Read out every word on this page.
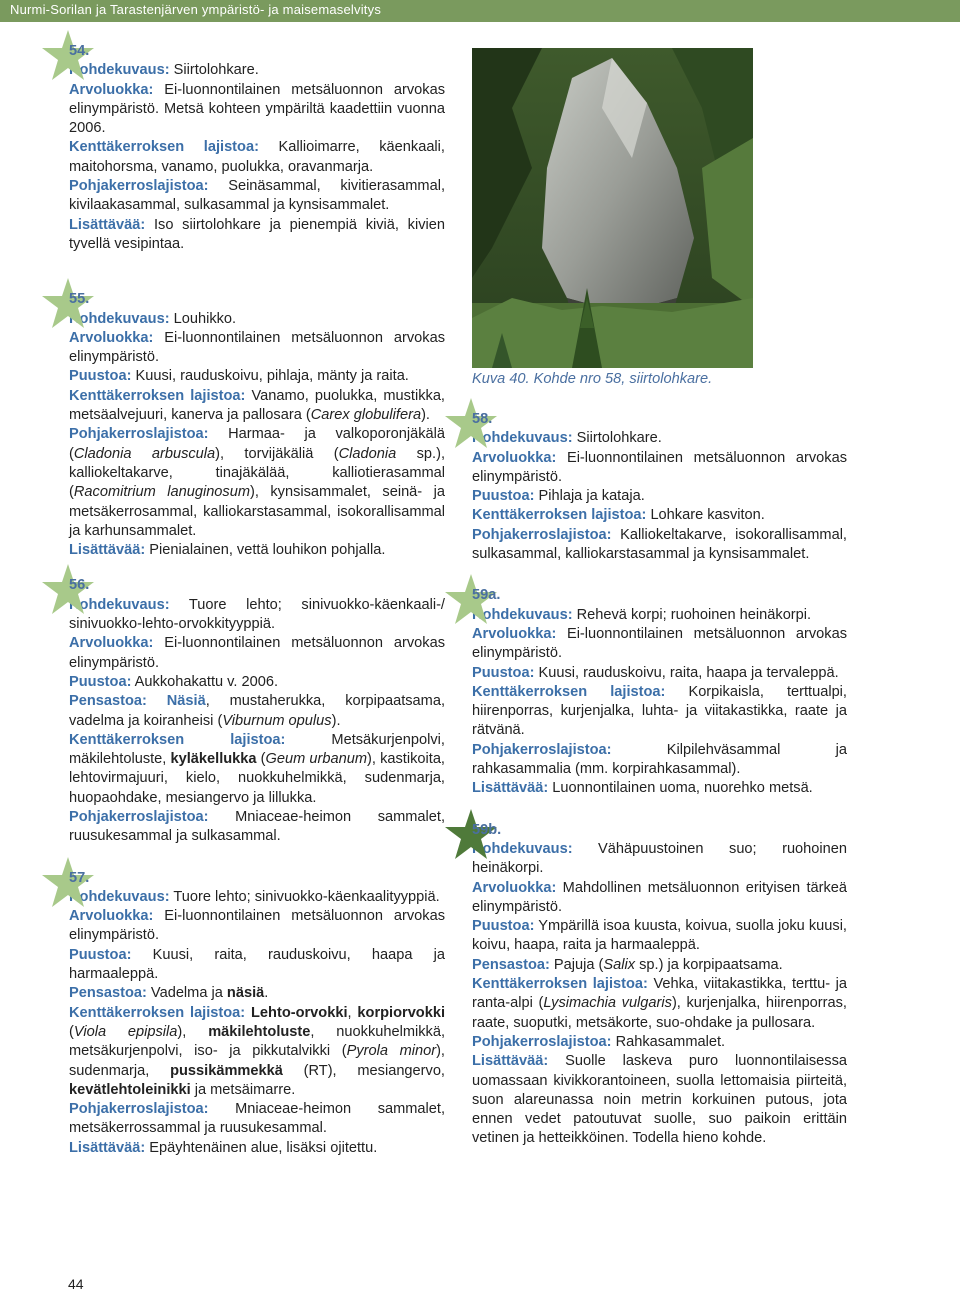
Nurmi-Sorilan ja Tarastenjärven ympäristö- ja maisemaselvitys
Kuva 40. Kohde nro 58, siirtolohkare.

54.

Kohdekuvaus: Siirtolohkare.

Arvoluokka: Ei-luonnontilainen metsäluonnon arvokas elinympäristö. Metsä kohteen ympäriltä kaadettiin vuonna 2006.

Kenttäkerroksen lajistoa: Kallioimarre, käenkaali, maitohorsma, vanamo, puolukka, oravanmarja.

Pohjakerroslajistoa: Seinäsammal, kivitierasammal, kivilaakasammal, sulkasammal ja kynsisammalet.

Lisättävää: Iso siirtolohkare ja pienempiä kiviä, kivien tyvellä vesipintaa.

55.

Kohdekuvaus: Louhikko.

Arvoluokka: Ei-luonnontilainen metsäluonnon arvokas elinympäristö.

Puustoa: Kuusi, rauduskoivu, pihlaja, mänty ja raita.

Kenttäkerroksen lajistoa: Vanamo, puolukka, mustikka, metsäalvejuuri, kanerva ja pallosara (Carex globulifera).

Pohjakerroslajistoa: Harmaa- ja valkoporonjäkälä (Cladonia arbuscula), torvijäkäliä (Cladonia sp.), kalliokeltakarve, tinajäkälää, kalliotierasammal (Racomitrium lanuginosum), kynsisammalet, seinä- ja metsäkerrosammal, kalliokarstasammal, isokorallisammal ja karhunsammalet.

Lisättävää: Pienialainen, vettä louhikon pohjalla.

56.

Kohdekuvaus: Tuore lehto; sinivuokko-käenkaali-/ sinivuokko-lehto-orvokkityyppiä.

Arvoluokka: Ei-luonnontilainen metsäluonnon arvokas elinympäristö.

Puustoa: Aukkohakattu v. 2006.

Pensastoa: Näsiä, mustaherukka, korpipaatsama, vadelma ja koiranheisi (Viburnum opulus).

Kenttäkerroksen lajistoa: Metsäkurjenpolvi, mäkilehtoluste, kyläkellukka (Geum urbanum), kastikoita, lehtovirmajuuri, kielo, nuokkuhelmikkä, sudenmarja, huopaohdake, mesiangervo ja lillukka.

Pohjakerroslajistoa: Mniaceae-heimon sammalet, ruusukesammal ja sulkasammal.

57.

Kohdekuvaus: Tuore lehto; sinivuokko-käenkaalityyppiä.

Arvoluokka: Ei-luonnontilainen metsäluonnon arvokas elinympäristö.

Puustoa: Kuusi, raita, rauduskoivu, haapa ja harmaaleppä.

Pensastoa: Vadelma ja näsiä.

Kenttäkerroksen lajistoa: Lehto-orvokki, korpiorvokki (Viola epipsila), mäkilehtoluste, nuokkuhelmikkä, metsäkurjenpolvi, iso- ja pikkutalvikki (Pyrola minor), sudenmarja, pussikämmekkä (RT), mesiangervo, kevätlehtoleinikki ja metsäimarre.

Pohjakerroslajistoa: Mniaceae-heimon sammalet, metsäkerrossammal ja ruusukesammal.

Lisättävää: Epäyhtenäinen alue, lisäksi ojitettu.

58.

Kohdekuvaus: Siirtolohkare.

Arvoluokka: Ei-luonnontilainen metsäluonnon arvokas elinympäristö.

Puustoa: Pihlaja ja kataja.

Kenttäkerroksen lajistoa: Lohkare kasviton.

Pohjakerroslajistoa: Kalliokeltakarve, isokorallisammal, sulkasammal, kalliokarstasammal ja kynsisammalet.

59a.

Kohdekuvaus: Rehevä korpi; ruohoinen heinäkorpi.

Arvoluokka: Ei-luonnontilainen metsäluonnon arvokas elinympäristö.

Puustoa: Kuusi, rauduskoivu, raita, haapa ja tervaleppä.

Kenttäkerroksen lajistoa: Korpikaisla, terttualpi, hiirenporras, kurjenjalka, luhta- ja viitakastikka, raate ja rätvänä.

Pohjakerroslajistoa: Kilpilehväsammal ja rahkasammalia (mm. korpirahkasammal).

Lisättävää: Luonnontilainen uoma, nuorehko metsä.

59b.

Kohdekuvaus: Vähäpuustoinen suo; ruohoinen heinäkorpi.

Arvoluokka: Mahdollinen metsäluonnon erityisen tärkeä elinympäristö.

Puustoa: Ympärillä isoa kuusta, koivua, suolla joku kuusi, koivu, haapa, raita ja harmaaleppä.

Pensastoa: Pajuja (Salix sp.) ja korpipaatsama.

Kenttäkerroksen lajistoa: Vehka, viitakastikka, terttu- ja ranta-alpi (Lysimachia vulgaris), kurjenjalka, hiirenporras, raate, suoputki, metsäkorte, suo-ohdake ja pullosara.

Pohjakerroslajistoa: Rahkasammalet.

Lisättävää: Suolle laskeva puro luonnontilaisessa uomassaan kivikkorantoineen, suolla lettomaisia piirteitä, suon alareunassa noin metrin korkuinen putous, jota ennen vedet patoutuvat suolle, suo paikoin erittäin vetinen ja hetteikköinen. Todella hieno kohde.

44
